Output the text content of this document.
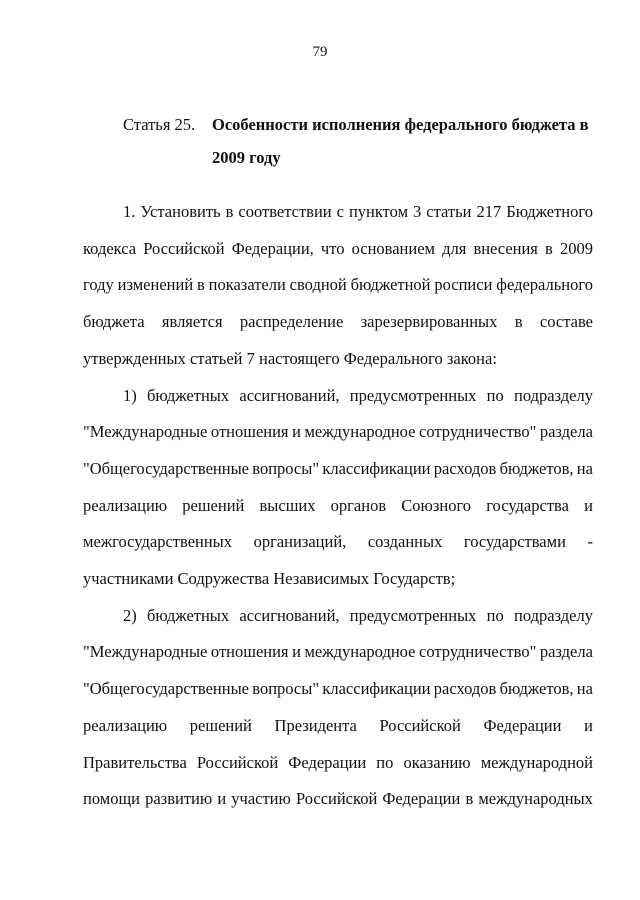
79
Статья 25. Особенности исполнения федерального бюджета в
2009 году
1. Установить в соответствии с пунктом 3 статьи 217 Бюджетного
кодекса Российской Федерации, что основанием для внесения в 2009
году изменений в показатели сводной бюджетной росписи федерального
бюджета является распределение зарезервированных в составе
утвержденных статьей 7 настоящего Федерального закона:
1) бюджетных ассигнований, предусмотренных по подразделу
"Международные отношения и международное сотрудничество" раздела
"Общегосударственные вопросы" классификации расходов бюджетов, на
реализацию решений высших органов Союзного государства и
межгосударственных организаций, созданных государствами -
участниками Содружества Независимых Государств;
2) бюджетных ассигнований, предусмотренных по подразделу
"Международные отношения и международное сотрудничество" раздела
"Общегосударственные вопросы" классификации расходов бюджетов, на
реализацию решений Президента Российской Федерации и
Правительства Российской Федерации по оказанию международной
помощи развитию и участию Российской Федерации в международных
